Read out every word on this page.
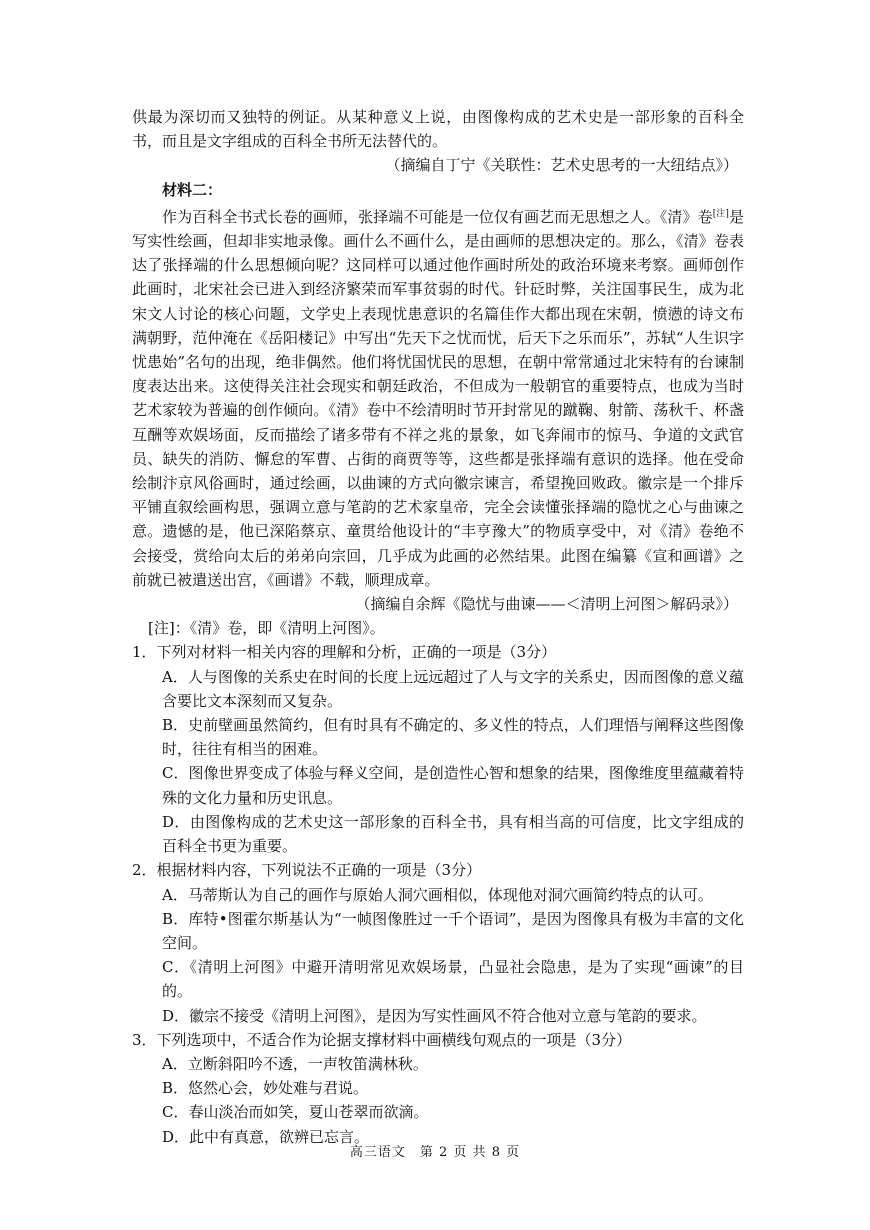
供最为深切而又独特的例证。从某种意义上说，由图像构成的艺术史是一部形象的百科全书，而且是文字组成的百科全书所无法替代的。

（摘编自丁宁《关联性：艺术史思考的一大纽结点》）

材料二：

作为百科全书式长卷的画师，张择端不可能是一位仅有画艺而无思想之人。《清》卷[注]是写实性绘画，但却非实地录像。画什么不画什么，是由画师的思想决定的。那么，《清》卷表达了张择端的什么思想倾向呢？这同样可以通过他作画时所处的政治环境来考察。画师创作此画时，北宋社会已进入到经济繁荣而军事贫弱的时代。针砭时弊，关注国事民生，成为北宋文人讨论的核心问题，文学史上表现忧患意识的名篇佳作大都出现在宋朝，愤懑的诗文布满朝野，范仲淹在《岳阳楼记》中写出“先天下之忧而忧，后天下之乐而乐”，苏轼“人生识字忧患始”名句的出现，绝非偶然。他们将忧国忧民的思想，在朝中常常通过北宋特有的台谏制度表达出来。这使得关注社会现实和朝廷政治，不但成为一般朝官的重要特点，也成为当时艺术家较为普遍的创作倾向。《清》卷中不绘清明时节开封常见的蹴鞠、射箭、荡秋千、杯盏互酬等欢娱场面，反而描绘了诸多带有不祥之兆的景象，如飞奔闹市的惊马、争道的文武官员、缺失的消防、懈怠的军曹、占街的商贾等等，这些都是张择端有意识的选择。他在受命绘制汴京风俗画时，通过绘画，以曲谏的方式向徽宗谏言，希望挽回败政。徽宗是一个排斥平铺直叙绘画构思，强调立意与笔韵的艺术家皇帝，完全会读懂张择端的隐忧之心与曲谏之意。遗憾的是，他已深陷蔡京、童贯给他设计的“丰亨豫大”的物质享受中，对《清》卷绝不会接受，赏给向太后的弟弟向宗回，几乎成为此画的必然结果。此图在编纂《宣和画谱》之前就已被遣送出宫，《画谱》不载，顺理成章。

（摘编自余辉《隐忧与曲谏——＜清明上河图＞解码录》）

[注]：《清》卷，即《清明上河图》。

1．下列对材料一相关内容的理解和分析，正确的一项是（3分）

A．人与图像的关系史在时间的长度上远远超过了人与文字的关系史，因而图像的意义蕴含要比文本深刻而又复杂。

B．史前壁画虽然简约，但有时具有不确定的、多义性的特点，人们理悟与阐释这些图像时，往往有相当的困难。

C．图像世界变成了体验与释义空间，是创造性心智和想象的结果，图像维度里蕴藏着特殊的文化力量和历史讯息。

D．由图像构成的艺术史这一部形象的百科全书，具有相当高的可信度，比文字组成的百科全书更为重要。

2．根据材料内容，下列说法不正确的一项是（3分）

A．马蒂斯认为自己的画作与原始人洞穴画相似，体现他对洞穴画简约特点的认可。

B．库特•图霍尔斯基认为“一帧图像胜过一千个语词”，是因为图像具有极为丰富的文化空间。

C．《清明上河图》中避开清明常见欢娱场景，凸显社会隐患，是为了实现“画谏”的目的。

D．徽宗不接受《清明上河图》，是因为写实性画风不符合他对立意与笔韵的要求。

3．下列选项中，不适合作为论据支撑材料中画横线句观点的一项是（3分）

A．立断斜阳吟不透，一声牧笛满林秋。

B．悠然心会，妙处难与君说。

C．春山淡冶而如笑，夏山苍翠而欲滴。

D．此中有真意，欲辨已忘言。

高三语文　第 2 页 共 8 页
